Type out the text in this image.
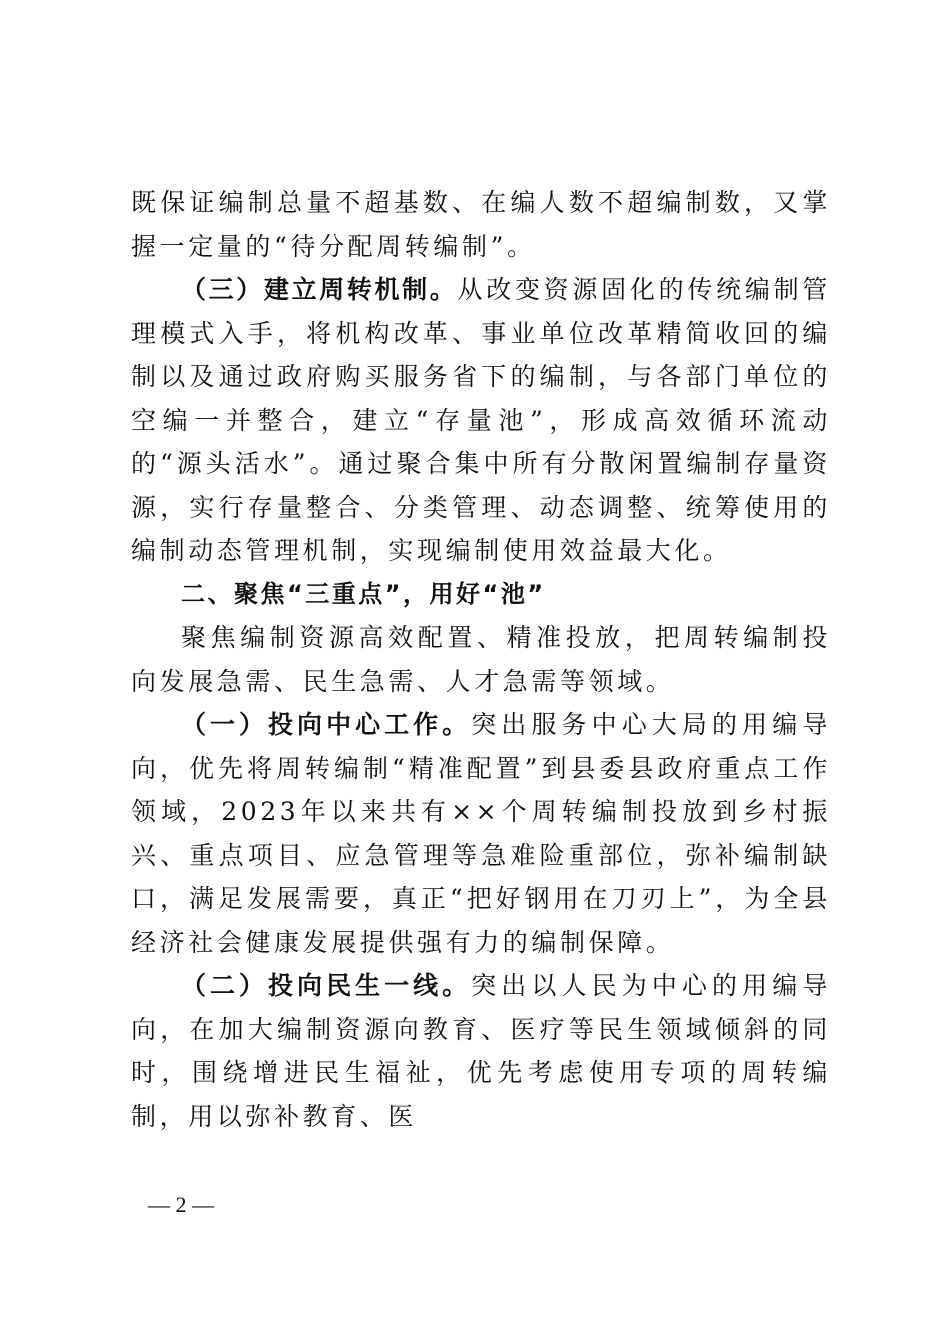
既保证编制总量不超基数、在编人数不超编制数，又掌握一定量的“待分配周转编制”。

（三）建立周转机制。从改变资源固化的传统编制管理模式入手，将机构改革、事业单位改革精简收回的编制以及通过政府购买服务省下的编制，与各部门单位的空编一并整合，建立“存量池”，形成高效循环流动的“源头活水”。通过聚合集中所有分散闲置编制存量资源，实行存量整合、分类管理、动态调整、统筹使用的编制动态管理机制，实现编制使用效益最大化。

二、聚焦“三重点”，用好“池”

聚焦编制资源高效配置、精准投放，把周转编制投向发展急需、民生急需、人才急需等领域。

（一）投向中心工作。突出服务中心大局的用编导向，优先将周转编制“精准配置”到县委县政府重点工作领域，2023年以来共有××个周转编制投放到乡村振兴、重点项目、应急管理等急难险重部位，弥补编制缺口，满足发展需要，真正“把好钢用在刀刃上”，为全县经济社会健康发展提供强有力的编制保障。

（二）投向民生一线。突出以人民为中心的用编导向，在加大编制资源向教育、医疗等民生领域倾斜的同时，围绕增进民生福祉，优先考虑使用专项的周转编制，用以弥补教育、医

— 2 —
